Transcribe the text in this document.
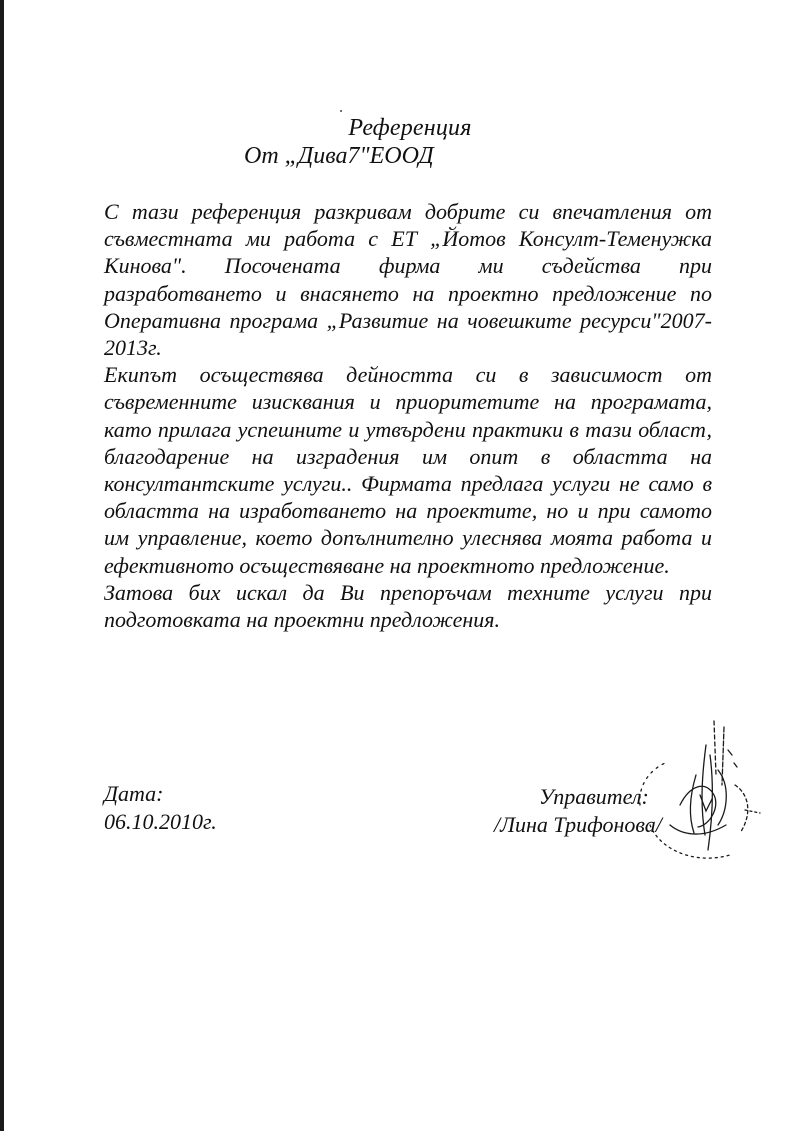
Референция
От „Дива7"ЕООД

С тази референция разкривам добрите си впечатления от съвместната ми работа с ЕТ „Йотов Консулт-Теменужка Кинова". Посочената фирма ми съдейства при разработването и внасянето на проектно предложение по Оперативна програма „Развитие на човешките ресурси"2007-2013г.

Екипът осъществява дейността си в зависимост от съвременните изисквания и приоритетите на програмата, като прилага успешните и утвърдени практики в тази област, благодарение на изградения им опит в областта на консултантските услуги.. Фирмата предлага услуги не само в областта на изработването на проектите, но и при самото им управление, което допълнително улеснява моята работа и ефективното осъществяване на проектното предложение.

Затова бих искал да Ви препоръчам техните услуги при подготовката на проектни предложения.

Дата:
06.10.2010г.
Управител:
/Лина Трифонова/
